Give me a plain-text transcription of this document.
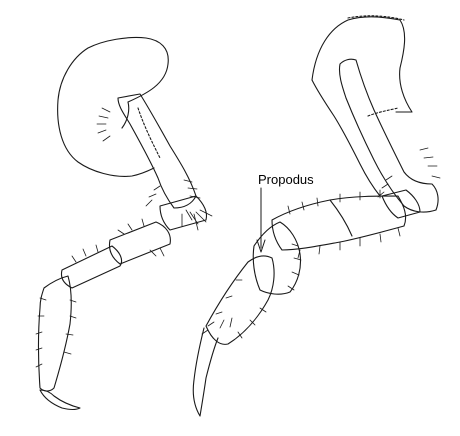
Propodus
